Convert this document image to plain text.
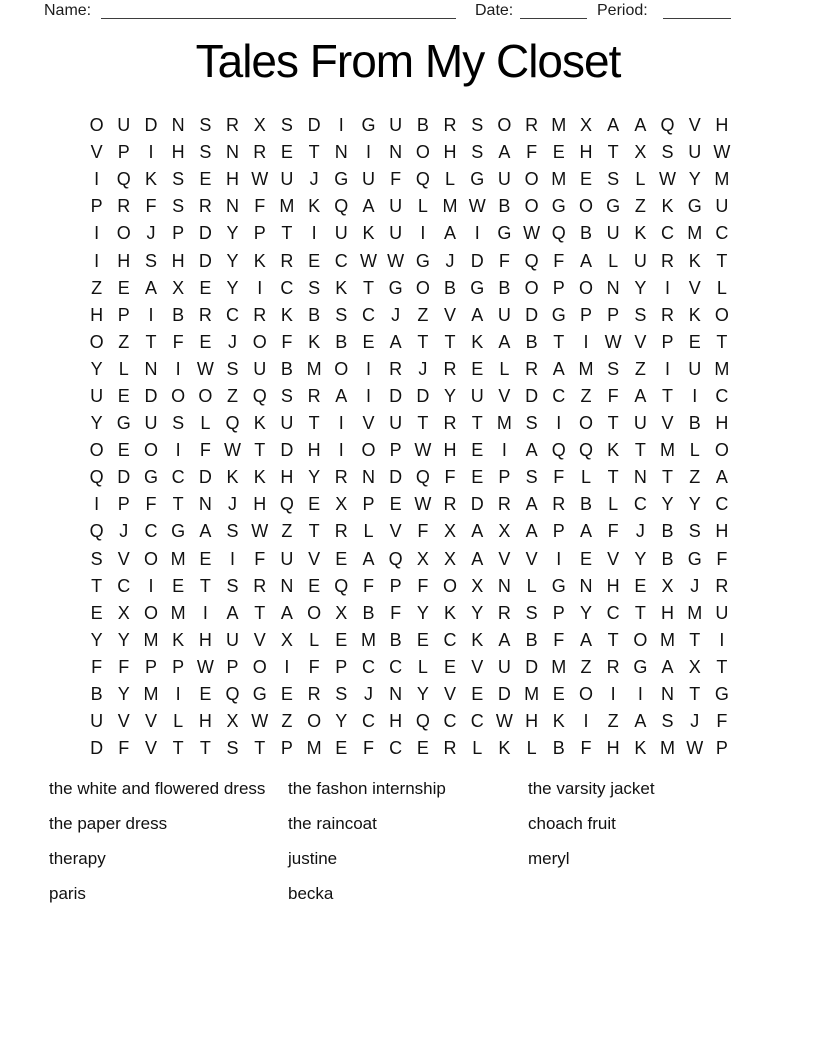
Name:	Date:	Period:
Tales From My Closet
O U D N S R X S D	I G U B R S O R M X A A Q V H
V P	I	H S N R E T N	I	N O H S A F E H T X S U W
I Q K S E H W U J G U F Q L G U O M E S L W Y M
P R F S R N F M K Q A U L M W B O G O G Z K G U
I O J P D Y P T	I	U K U	I	A	I G W Q B U K C M C
I	H S H D Y K R E C W W G J D F Q F A L U R K T
Z E A X E Y	I	C S K T G O B G B O P O N Y	I	V L
H P	I	B R C R K B S C J Z V A U D G P P S R K O
O Z T F E J O F K B E A T T K A B T	I W V P E T
Y L N	I W S U B M O I	R J R E L R A M S Z	I	U M
U E D O O Z Q S R A	I	D D Y U V D C Z F A T	I	C
Y G U S L Q K U T	I	V U T R T M S	I O T U V B H
O E O I	F W T D H	I O P W H E	I	A Q Q K T M L O
Q D G C D K K H Y R N D Q F E P S F L T N T Z A
I	P F T N J H Q E X P E W R D R A R B L C Y Y C
Q J C G A S W Z T R L V F X A X A P A F J B S H
S V O M E	I	F U V E A Q X X A V V	I	E V Y B G F
T C	I	E T S R N E Q F P F O X N L G N H E X J R
E X O M I	A T A O X B F Y K Y R S P Y C T H M U
Y Y M K H U V X L E M B E C K A B F A T O M T	I
F F P P W P O I	F P C C L E V U D M Z R G A X T
B Y M I	E Q G E R S J N Y V E D M E O I	I	N T G
U V V L H X W Z O Y C H Q C C W H K	I	Z A S J F
D F V T T S T P M E F C E R L K L B F H K M W P
the white and flowered dress
the paper dress
therapy
paris
the fashon internship
the raincoat
justine
becka
the varsity jacket
choach fruit
meryl
